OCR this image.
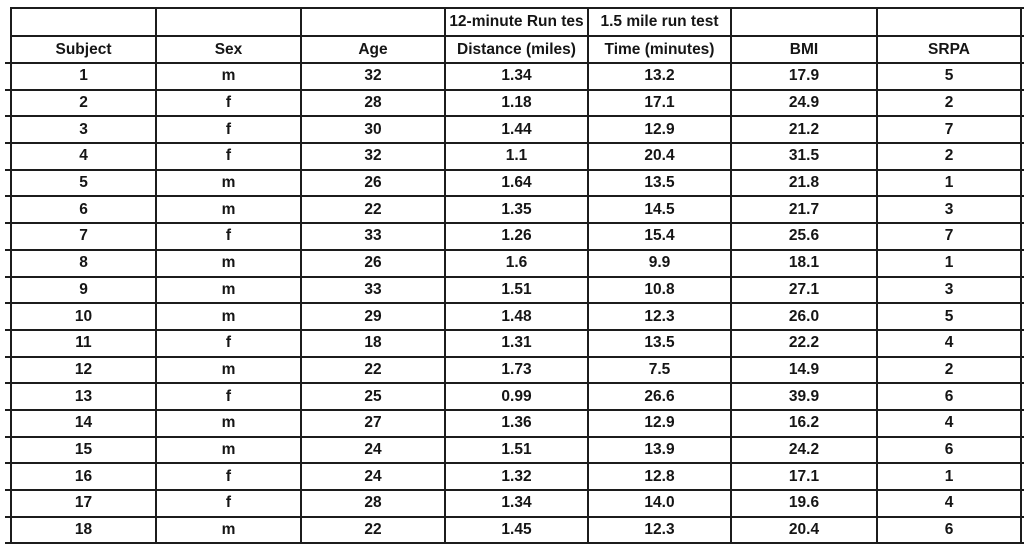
				12-minute Run tes	1.5 mile run test			
	Subject	Sex	Age	Distance (miles)	Time (minutes)	BMI	SRPA	
	1	m	32	1.34	13.2	17.9	5	
	2	f	28	1.18	17.1	24.9	2	
	3	f	30	1.44	12.9	21.2	7	
	4	f	32	1.1	20.4	31.5	2	
	5	m	26	1.64	13.5	21.8	1	
	6	m	22	1.35	14.5	21.7	3	
	7	f	33	1.26	15.4	25.6	7	
	8	m	26	1.6	9.9	18.1	1	
	9	m	33	1.51	10.8	27.1	3	
	10	m	29	1.48	12.3	26.0	5	
	11	f	18	1.31	13.5	22.2	4	
	12	m	22	1.73	7.5	14.9	2	
	13	f	25	0.99	26.6	39.9	6	
	14	m	27	1.36	12.9	16.2	4	
	15	m	24	1.51	13.9	24.2	6	
	16	f	24	1.32	12.8	17.1	1	
	17	f	28	1.34	14.0	19.6	4	
	18	m	22	1.45	12.3	20.4	6	
